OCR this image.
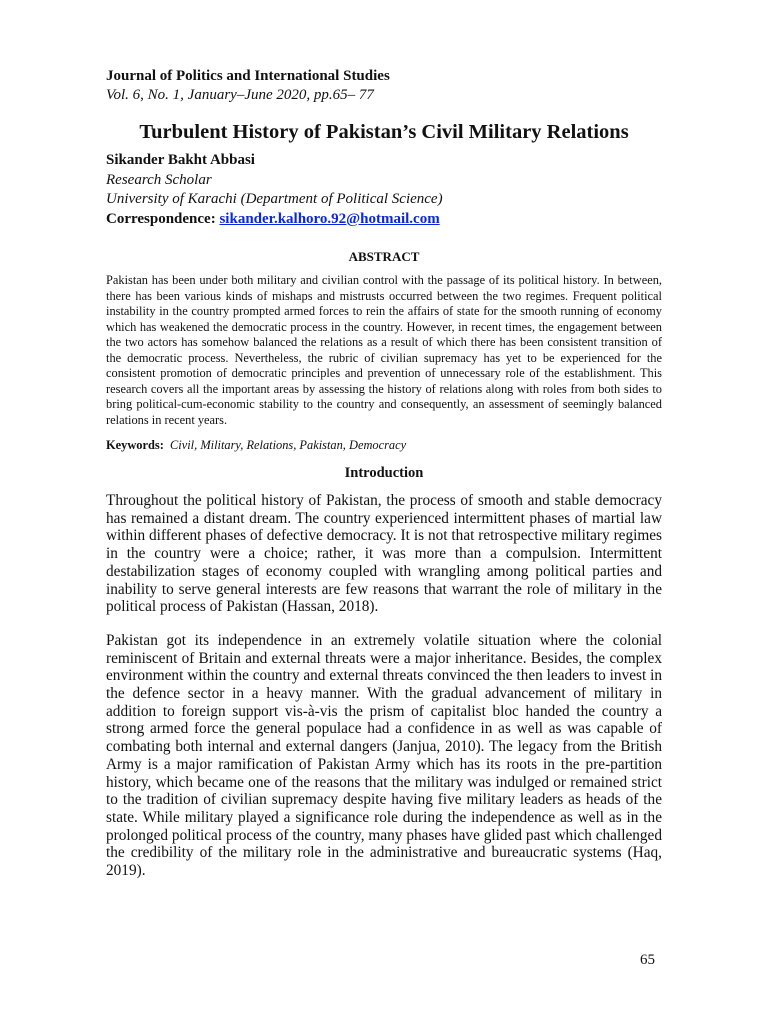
Journal of Politics and International Studies

Vol. 6, No. 1, January–June 2020, pp.65– 77

Turbulent History of Pakistan’s Civil Military Relations

Sikander Bakht Abbasi

Research Scholar

University of Karachi (Department of Political Science)

Correspondence: sikander.kalhoro.92@hotmail.com

ABSTRACT

Pakistan has been under both military and civilian control with the passage of its political history. In between, there has been various kinds of mishaps and mistrusts occurred between the two regimes. Frequent political instability in the country prompted armed forces to rein the affairs of state for the smooth running of economy which has weakened the democratic process in the country. However, in recent times, the engagement between the two actors has somehow balanced the relations as a result of which there has been consistent transition of the democratic process. Nevertheless, the rubric of civilian supremacy has yet to be experienced for the consistent promotion of democratic principles and prevention of unnecessary role of the establishment. This research covers all the important areas by assessing the history of relations along with roles from both sides to bring political-cum-economic stability to the country and consequently, an assessment of seemingly balanced relations in recent years.

Keywords: Civil, Military, Relations, Pakistan, Democracy

Introduction

Throughout the political history of Pakistan, the process of smooth and stable democracy has remained a distant dream. The country experienced intermittent phases of martial law within different phases of defective democracy. It is not that retrospective military regimes in the country were a choice; rather, it was more than a compulsion. Intermittent destabilization stages of economy coupled with wrangling among political parties and inability to serve general interests are few reasons that warrant the role of military in the political process of Pakistan (Hassan, 2018).

Pakistan got its independence in an extremely volatile situation where the colonial reminiscent of Britain and external threats were a major inheritance. Besides, the complex environment within the country and external threats convinced the then leaders to invest in the defence sector in a heavy manner. With the gradual advancement of military in addition to foreign support vis-à-vis the prism of capitalist bloc handed the country a strong armed force the general populace had a confidence in as well as was capable of combating both internal and external dangers (Janjua, 2010). The legacy from the British Army is a major ramification of Pakistan Army which has its roots in the pre-partition history, which became one of the reasons that the military was indulged or remained strict to the tradition of civilian supremacy despite having five military leaders as heads of the state. While military played a significance role during the independence as well as in the prolonged political process of the country, many phases have glided past which challenged the credibility of the military role in the administrative and bureaucratic systems (Haq, 2019).

65
